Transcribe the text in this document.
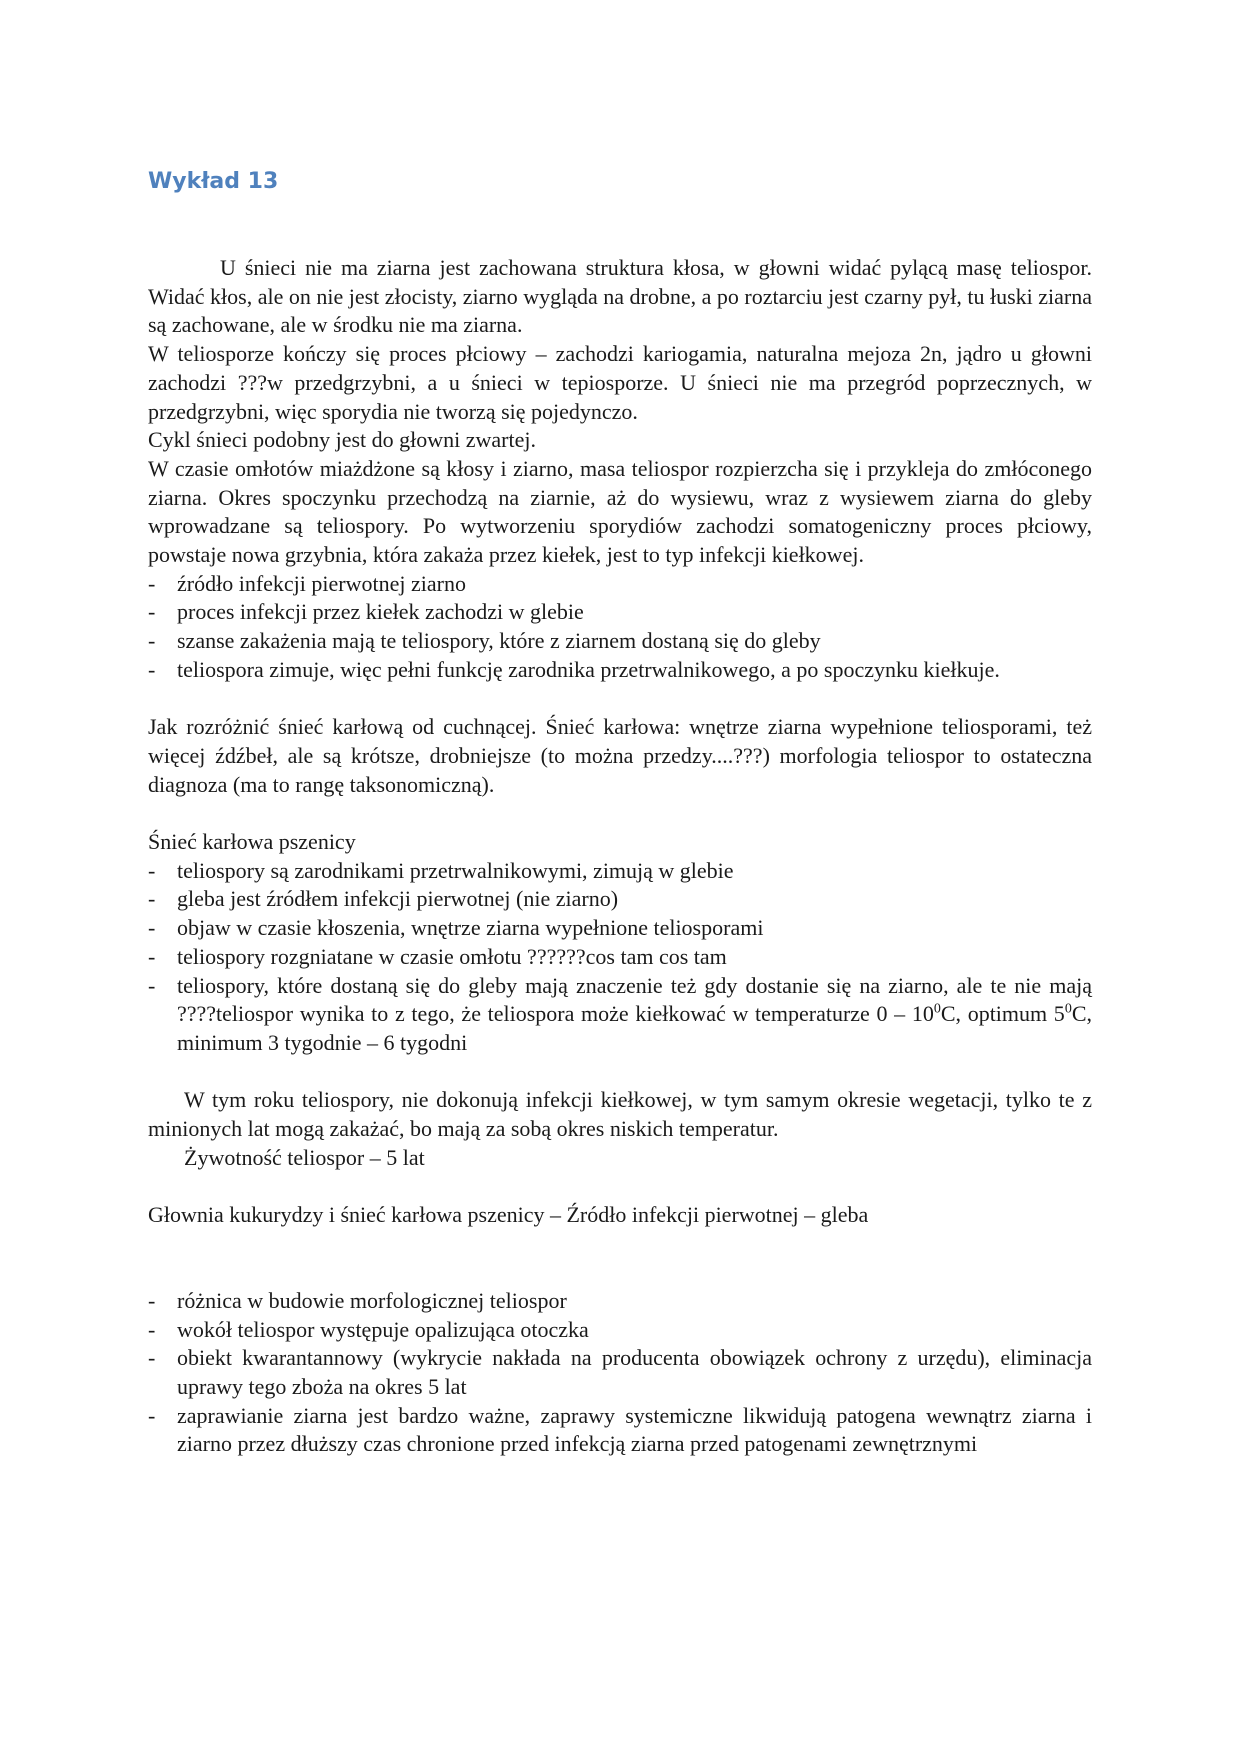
Wykład 13

U śnieci nie ma ziarna jest zachowana struktura kłosa, w głowni widać pylącą masę teliospor. Widać kłos, ale on nie jest złocisty, ziarno wygląda na drobne, a po roztarciu jest czarny pył, tu łuski ziarna są zachowane, ale w środku nie ma ziarna.

W teliosporze kończy się proces płciowy – zachodzi kariogamia, naturalna mejoza 2n, jądro u głowni zachodzi ???w przedgrzybni, a u śnieci w tepiosporze. U śnieci nie ma przegród poprzecznych, w przedgrzybni, więc sporydia nie tworzą się pojedynczo.

Cykl śnieci podobny jest do głowni zwartej.

W czasie omłotów miażdżone są kłosy i ziarno, masa teliospor rozpierzcha się i przykleja do zmłóconego ziarna. Okres spoczynku przechodzą na ziarnie, aż do wysiewu, wraz z wysiewem ziarna do gleby wprowadzane są teliospory. Po wytworzeniu sporydiów zachodzi somatogeniczny proces płciowy, powstaje nowa grzybnia, która zakaża przez kiełek, jest to typ infekcji kiełkowej.

- źródło infekcji pierwotnej ziarno
- proces infekcji przez kiełek zachodzi w glebie
- szanse zakażenia mają te teliospory, które z ziarnem dostaną się do gleby
- teliospora zimuje, więc pełni funkcję zarodnika przetrwalnikowego, a po spoczynku kiełkuje.

Jak rozróżnić śnieć karłową od cuchnącej. Śnieć karłowa: wnętrze ziarna wypełnione teliosporami, też więcej źdźbeł, ale są krótsze, drobniejsze (to można przedzy....???) morfologia teliospor to ostateczna diagnoza (ma to rangę taksonomiczną).

Śnieć karłowa pszenicy

- teliospory są zarodnikami przetrwalnikowymi, zimują w glebie
- gleba jest źródłem infekcji pierwotnej (nie ziarno)
- objaw w czasie kłoszenia, wnętrze ziarna wypełnione teliosporami
- teliospory rozgniatane w czasie omłotu ??????cos tam cos tam
- teliospory, które dostaną się do gleby mają znaczenie też gdy dostanie się na ziarno, ale te nie mają ????teliospor wynika to z tego, że teliospora może kiełkować w temperaturze $0 - 10^0C$, optimum $5^0C$, minimum 3 tygodnie – 6 tygodni

W tym roku teliospory, nie dokonują infekcji kiełkowej, w tym samym okresie wegetacji, tylko te z minionych lat mogą zakażać, bo mają za sobą okres niskich temperatur.

Żywotność teliospor – 5 lat

Głownia kukurydzy i śnieć karłowa pszenicy – Źródło infekcji pierwotnej – gleba

- różnica w budowie morfologicznej teliospor
- wokół teliospor występuje opalizująca otoczka
- obiekt kwarantannowy (wykrycie nakłada na producenta obowiązek ochrony z urzędu), eliminacja uprawy tego zboża na okres 5 lat
- zaprawianie ziarna jest bardzo ważne, zaprawy systemiczne likwidują patogena wewnątrz ziarna i ziarno przez dłuższy czas chronione przed infekcją ziarna przed patogenami zewnętrznymi
